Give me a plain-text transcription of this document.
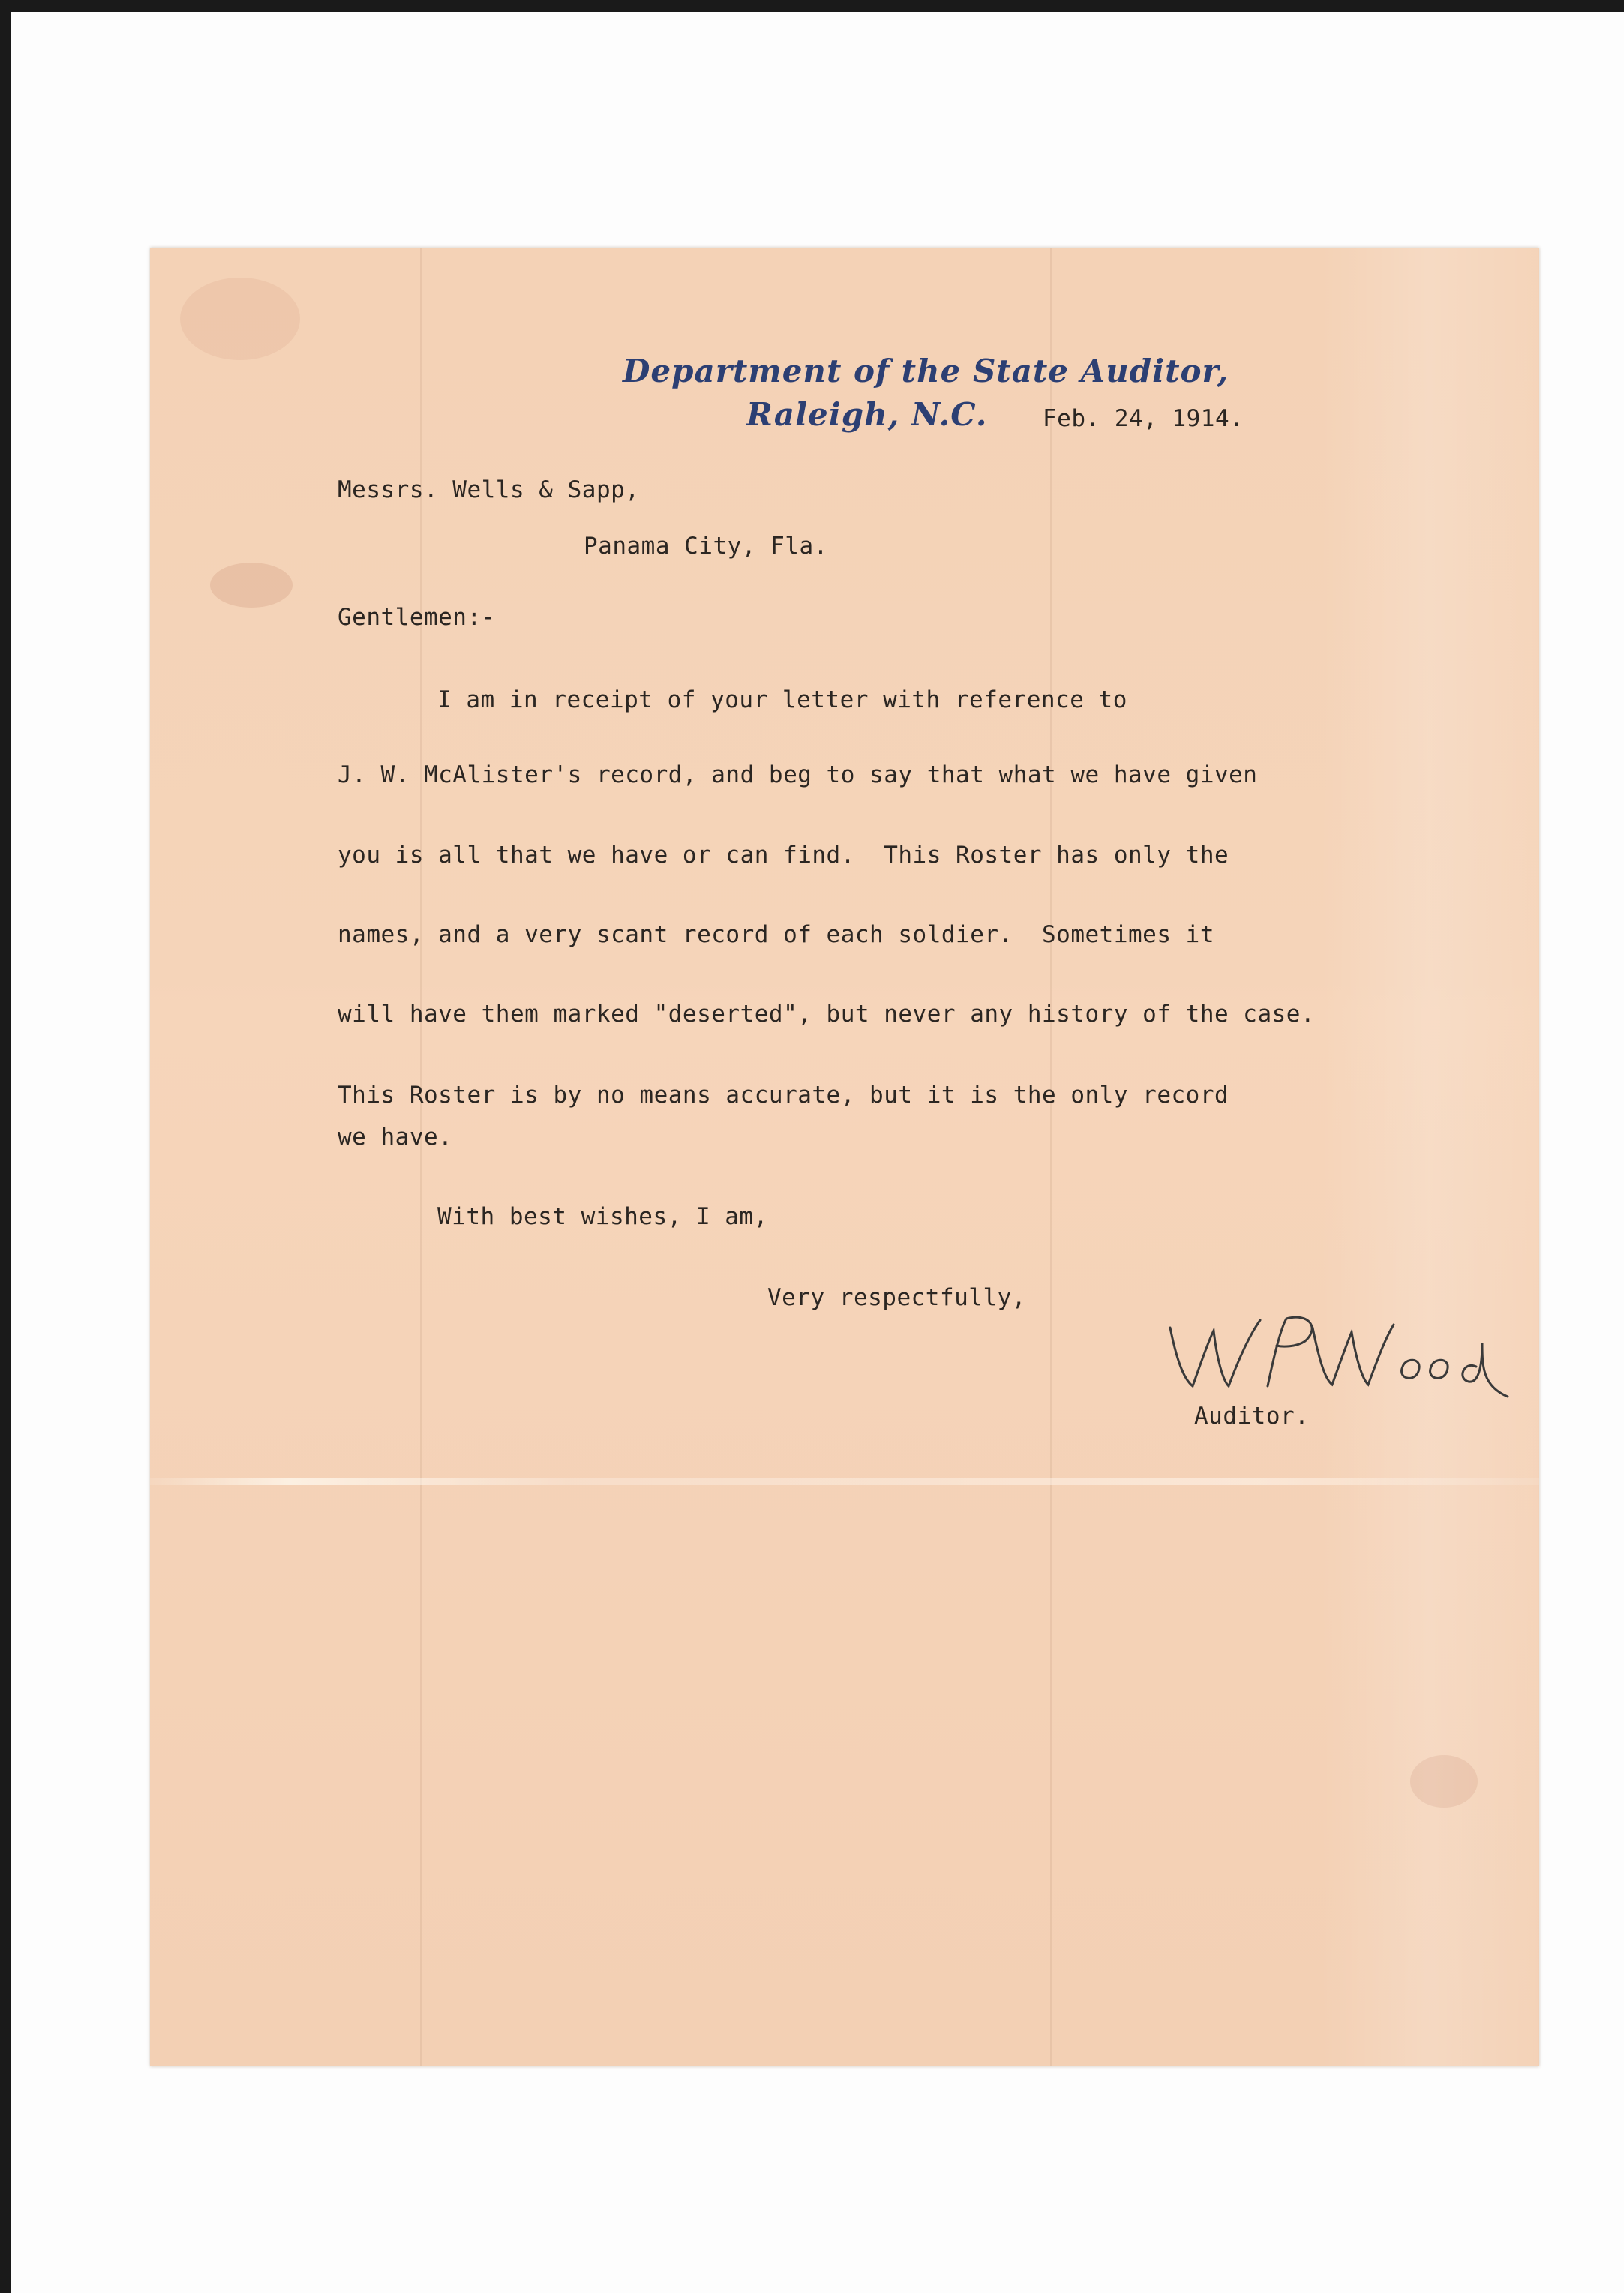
Department of the State Auditor,
Raleigh, N.C. Feb. 24, 1914.
Messrs. Wells & Sapp,
Panama City, Fla.
Gentlemen:-
I am in receipt of your letter with reference to
J. W. McAlister's record, and beg to say that what we have given
you is all that we have or can find.  This Roster has only the
names, and a very scant record of each soldier.  Sometimes it
will have them marked "deserted", but never any history of the case.
This Roster is by no means accurate, but it is the only record
we have.
With best wishes, I am,
Very respectfully,
Auditor.
